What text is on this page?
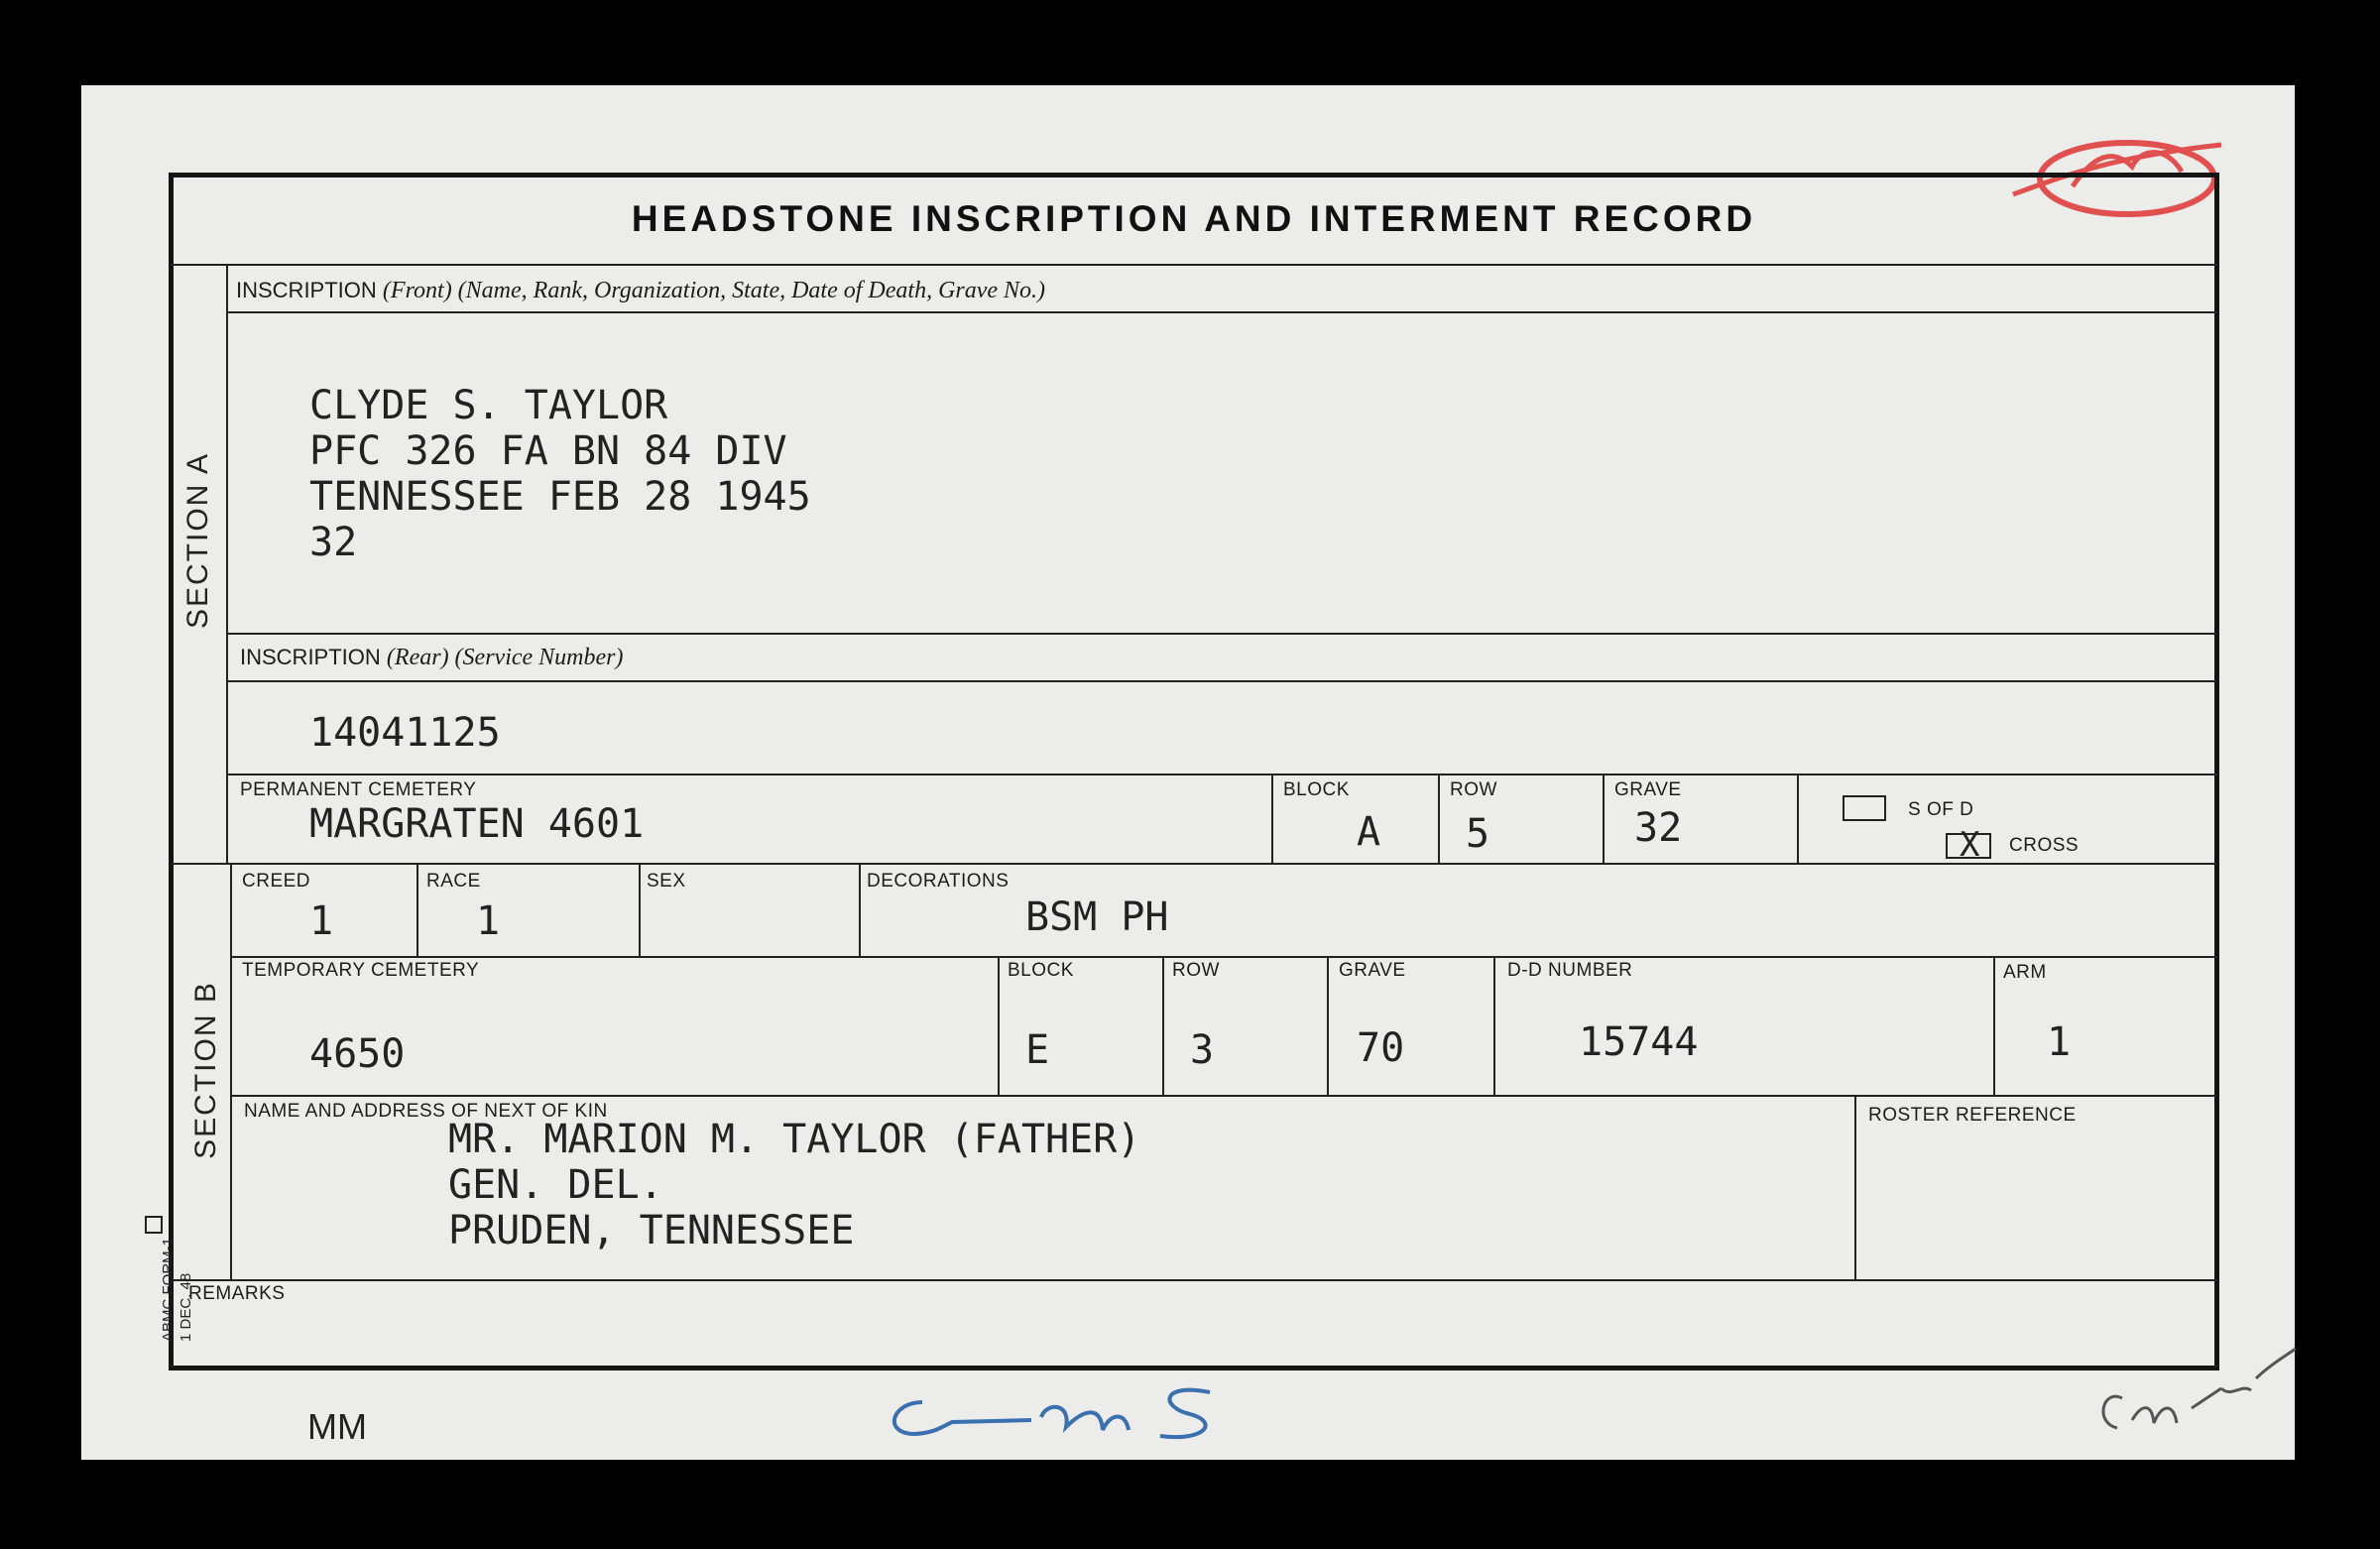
HEADSTONE INSCRIPTION AND INTERMENT RECORD
SECTION A
SECTION B
INSCRIPTION (Front) (Name, Rank, Organization, State, Date of Death, Grave No.)
CLYDE S. TAYLOR
PFC 326 FA BN 84 DIV
TENNESSEE FEB 28 1945
32
INSCRIPTION (Rear) (Service Number)
14041125
PERMANENT CEMETERY
MARGRATEN 4601
BLOCK
A
ROW
5
GRAVE
32	S OF D
X CROSS
CREED
1
RACE
1
SEX	DECORATIONS
BSM PH
TEMPORARY CEMETERY
4650
BLOCK
E
ROW
3
GRAVE
70
D-D NUMBER
15744
ARM
1
NAME AND ADDRESS OF NEXT OF KIN
MR. MARION M. TAYLOR (FATHER)
GEN. DEL.
PRUDEN, TENNESSEE
ROSTER REFERENCE
REMARKS
ABMC FORM-1 1 DEC. 48
MM
